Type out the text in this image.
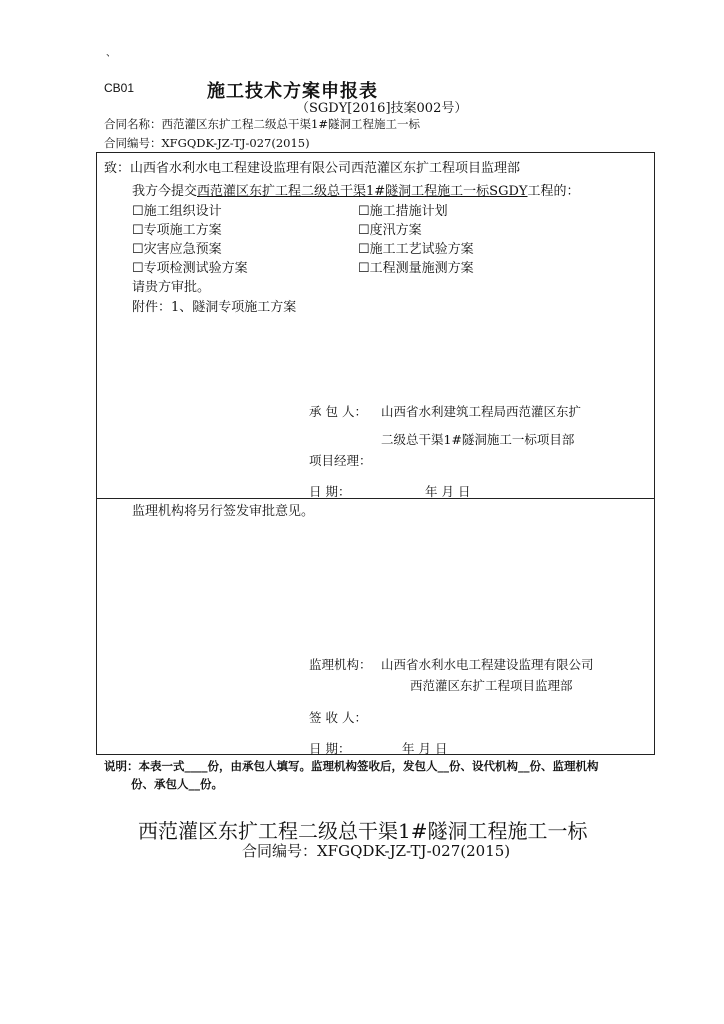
、
CB01	施工技术方案申报表
（SGDY[2016]技案002号）
合同名称：西范灌区东扩工程二级总干渠1#隧洞工程施工一标
合同编号：XFGQDK-JZ-TJ-027(2015)
致：山西省水利水电工程建设监理有限公司西范灌区东扩工程项目监理部
我方今提交西范灌区东扩工程二级总干渠1#隧洞工程施工一标SGDY工程的：
☐施工组织设计	☐施工措施计划
☐专项施工方案	☐度汛方案
☐灾害应急预案	☐施工工艺试验方案
☐专项检测试验方案	☐工程测量施测方案
请贵方审批。
附件：1、隧洞专项施工方案
承 包 人： 山西省水利建筑工程局西范灌区东扩
二级总干渠1#隧洞施工一标项目部
项目经理：
日 期：	年 月 日
监理机构将另行签发审批意见。
监理机构： 山西省水利水电工程建设监理有限公司
西范灌区东扩工程项目监理部
签 收 人：
日 期：	年 月 日
说明：本表一式____份，由承包人填写。监理机构签收后，发包人__份、设代机构__份、监理机构
份、承包人__份。
西范灌区东扩工程二级总干渠1#隧洞工程施工一标
合同编号：XFGQDK-JZ-TJ-027(2015)
